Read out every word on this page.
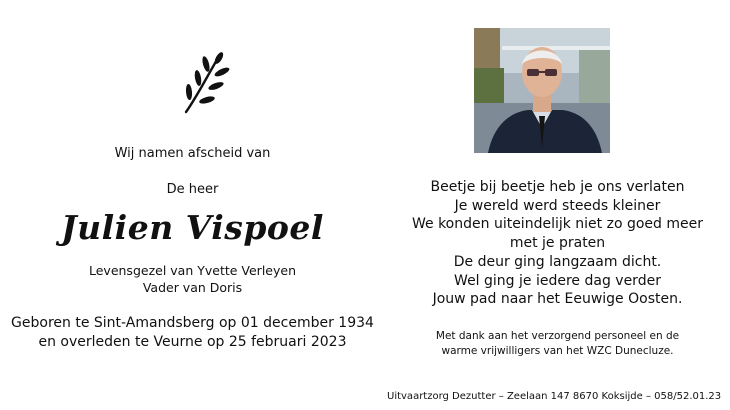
Wij namen afscheid van
De heer
Julien Vispoel
Levensgezel van Yvette Verleyen
Vader van Doris
Geboren te Sint-Amandsberg op 01 december 1934
en overleden te Veurne op 25 februari 2023
Beetje bij beetje heb je ons verlaten
Je wereld werd steeds kleiner
We konden uiteindelijk niet zo goed meer
met je praten
De deur ging langzaam dicht.
Wel ging je iedere dag verder
Jouw pad naar het Eeuwige Oosten.
Met dank aan het verzorgend personeel en de
warme vrijwilligers van het WZC Dunecluze.
Uitvaartzorg Dezutter – Zeelaan 147 8670 Koksijde – 058/52.01.23
